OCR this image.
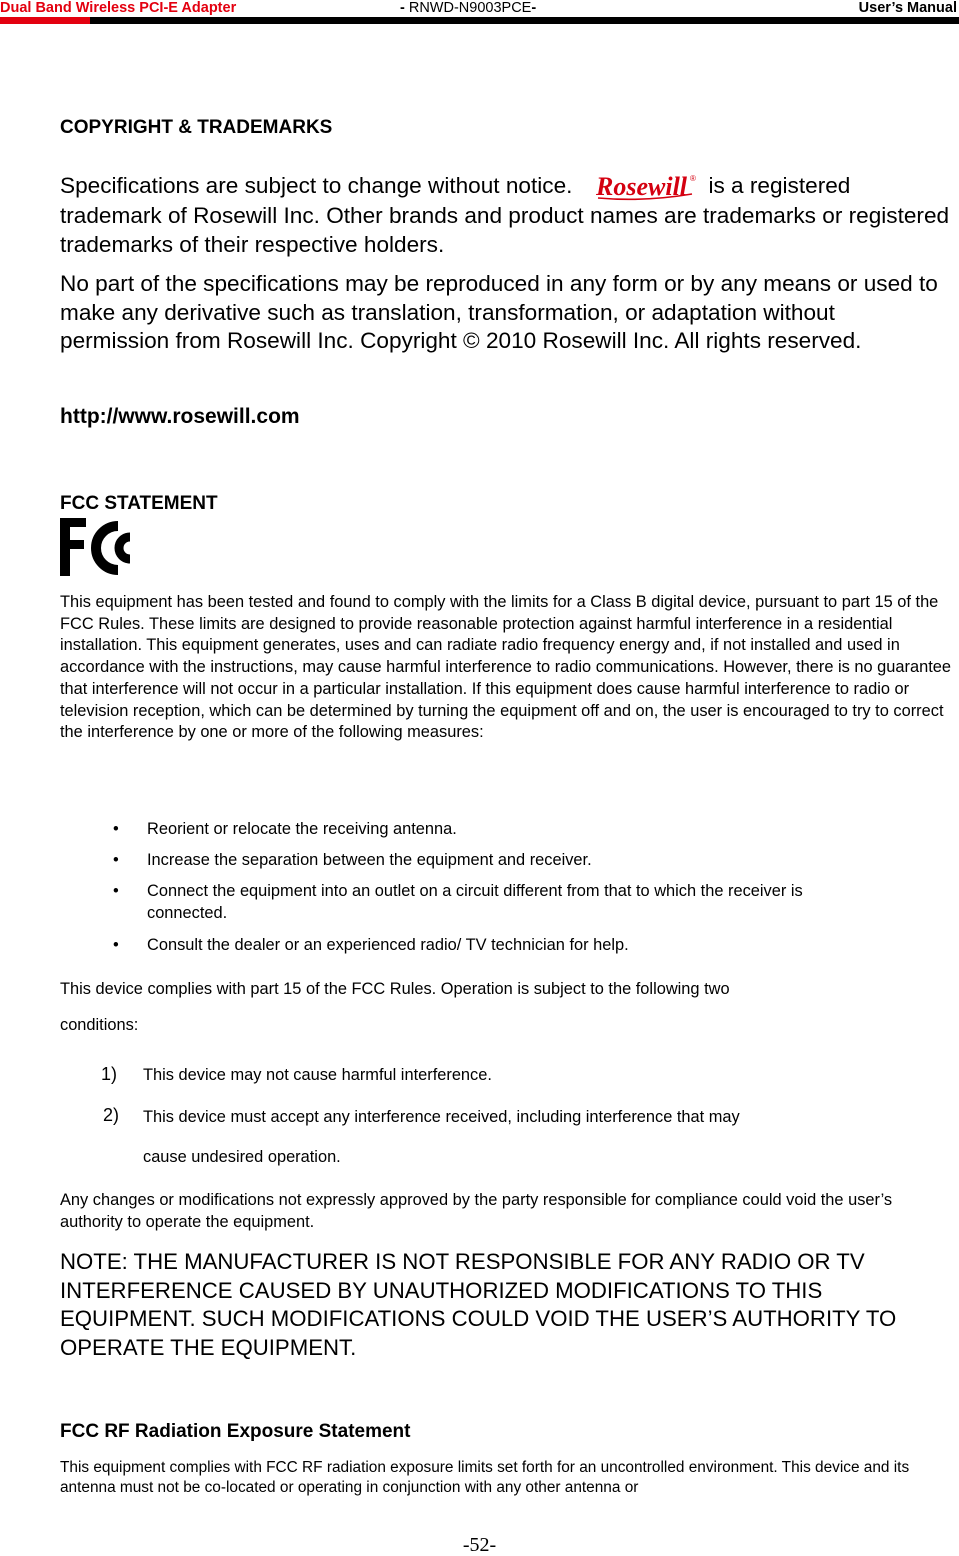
Dual Band Wireless PCI-E Adapter	- RNWD-N9003PCE-	User’s Manual
COPYRIGHT & TRADEMARKS
Specifications are subject to change without notice. Rosewill ® is a registered trademark of Rosewill Inc. Other brands and product names are trademarks or registered trademarks of their respective holders.
No part of the specifications may be reproduced in any form or by any means or used to make any derivative such as translation, transformation, or adaptation without permission from Rosewill Inc. Copyright © 2010 Rosewill Inc. All rights reserved.
http://www.rosewill.com
FCC STATEMENT
This equipment has been tested and found to comply with the limits for a Class B digital device, pursuant to part 15 of the FCC Rules. These limits are designed to provide reasonable protection against harmful interference in a residential installation. This equipment generates, uses and can radiate radio frequency energy and, if not installed and used in accordance with the instructions, may cause harmful interference to radio communications. However, there is no guarantee that interference will not occur in a particular installation. If this equipment does cause harmful interference to radio or television reception, which can be determined by turning the equipment off and on, the user is encouraged to try to correct the interference by one or more of the following measures:
• Reorient or relocate the receiving antenna.
• Increase the separation between the equipment and receiver.
• Connect the equipment into an outlet on a circuit different from that to which the receiver is connected.
• Consult the dealer or an experienced radio/ TV technician for help.
This device complies with part 15 of the FCC Rules. Operation is subject to the following two
conditions:
1)	This device may not cause harmful interference.
2)	This device must accept any interference received, including interference that may
cause undesired operation.
Any changes or modifications not expressly approved by the party responsible for compliance could void the user’s authority to operate the equipment.
NOTE: THE MANUFACTURER IS NOT RESPONSIBLE FOR ANY RADIO OR TV INTERFERENCE CAUSED BY UNAUTHORIZED MODIFICATIONS TO THIS EQUIPMENT. SUCH MODIFICATIONS COULD VOID THE USER’S AUTHORITY TO OPERATE THE EQUIPMENT.
FCC RF Radiation Exposure Statement
This equipment complies with FCC RF radiation exposure limits set forth for an uncontrolled environment. This device and its antenna must not be co-located or operating in conjunction with any other antenna or
-52-
